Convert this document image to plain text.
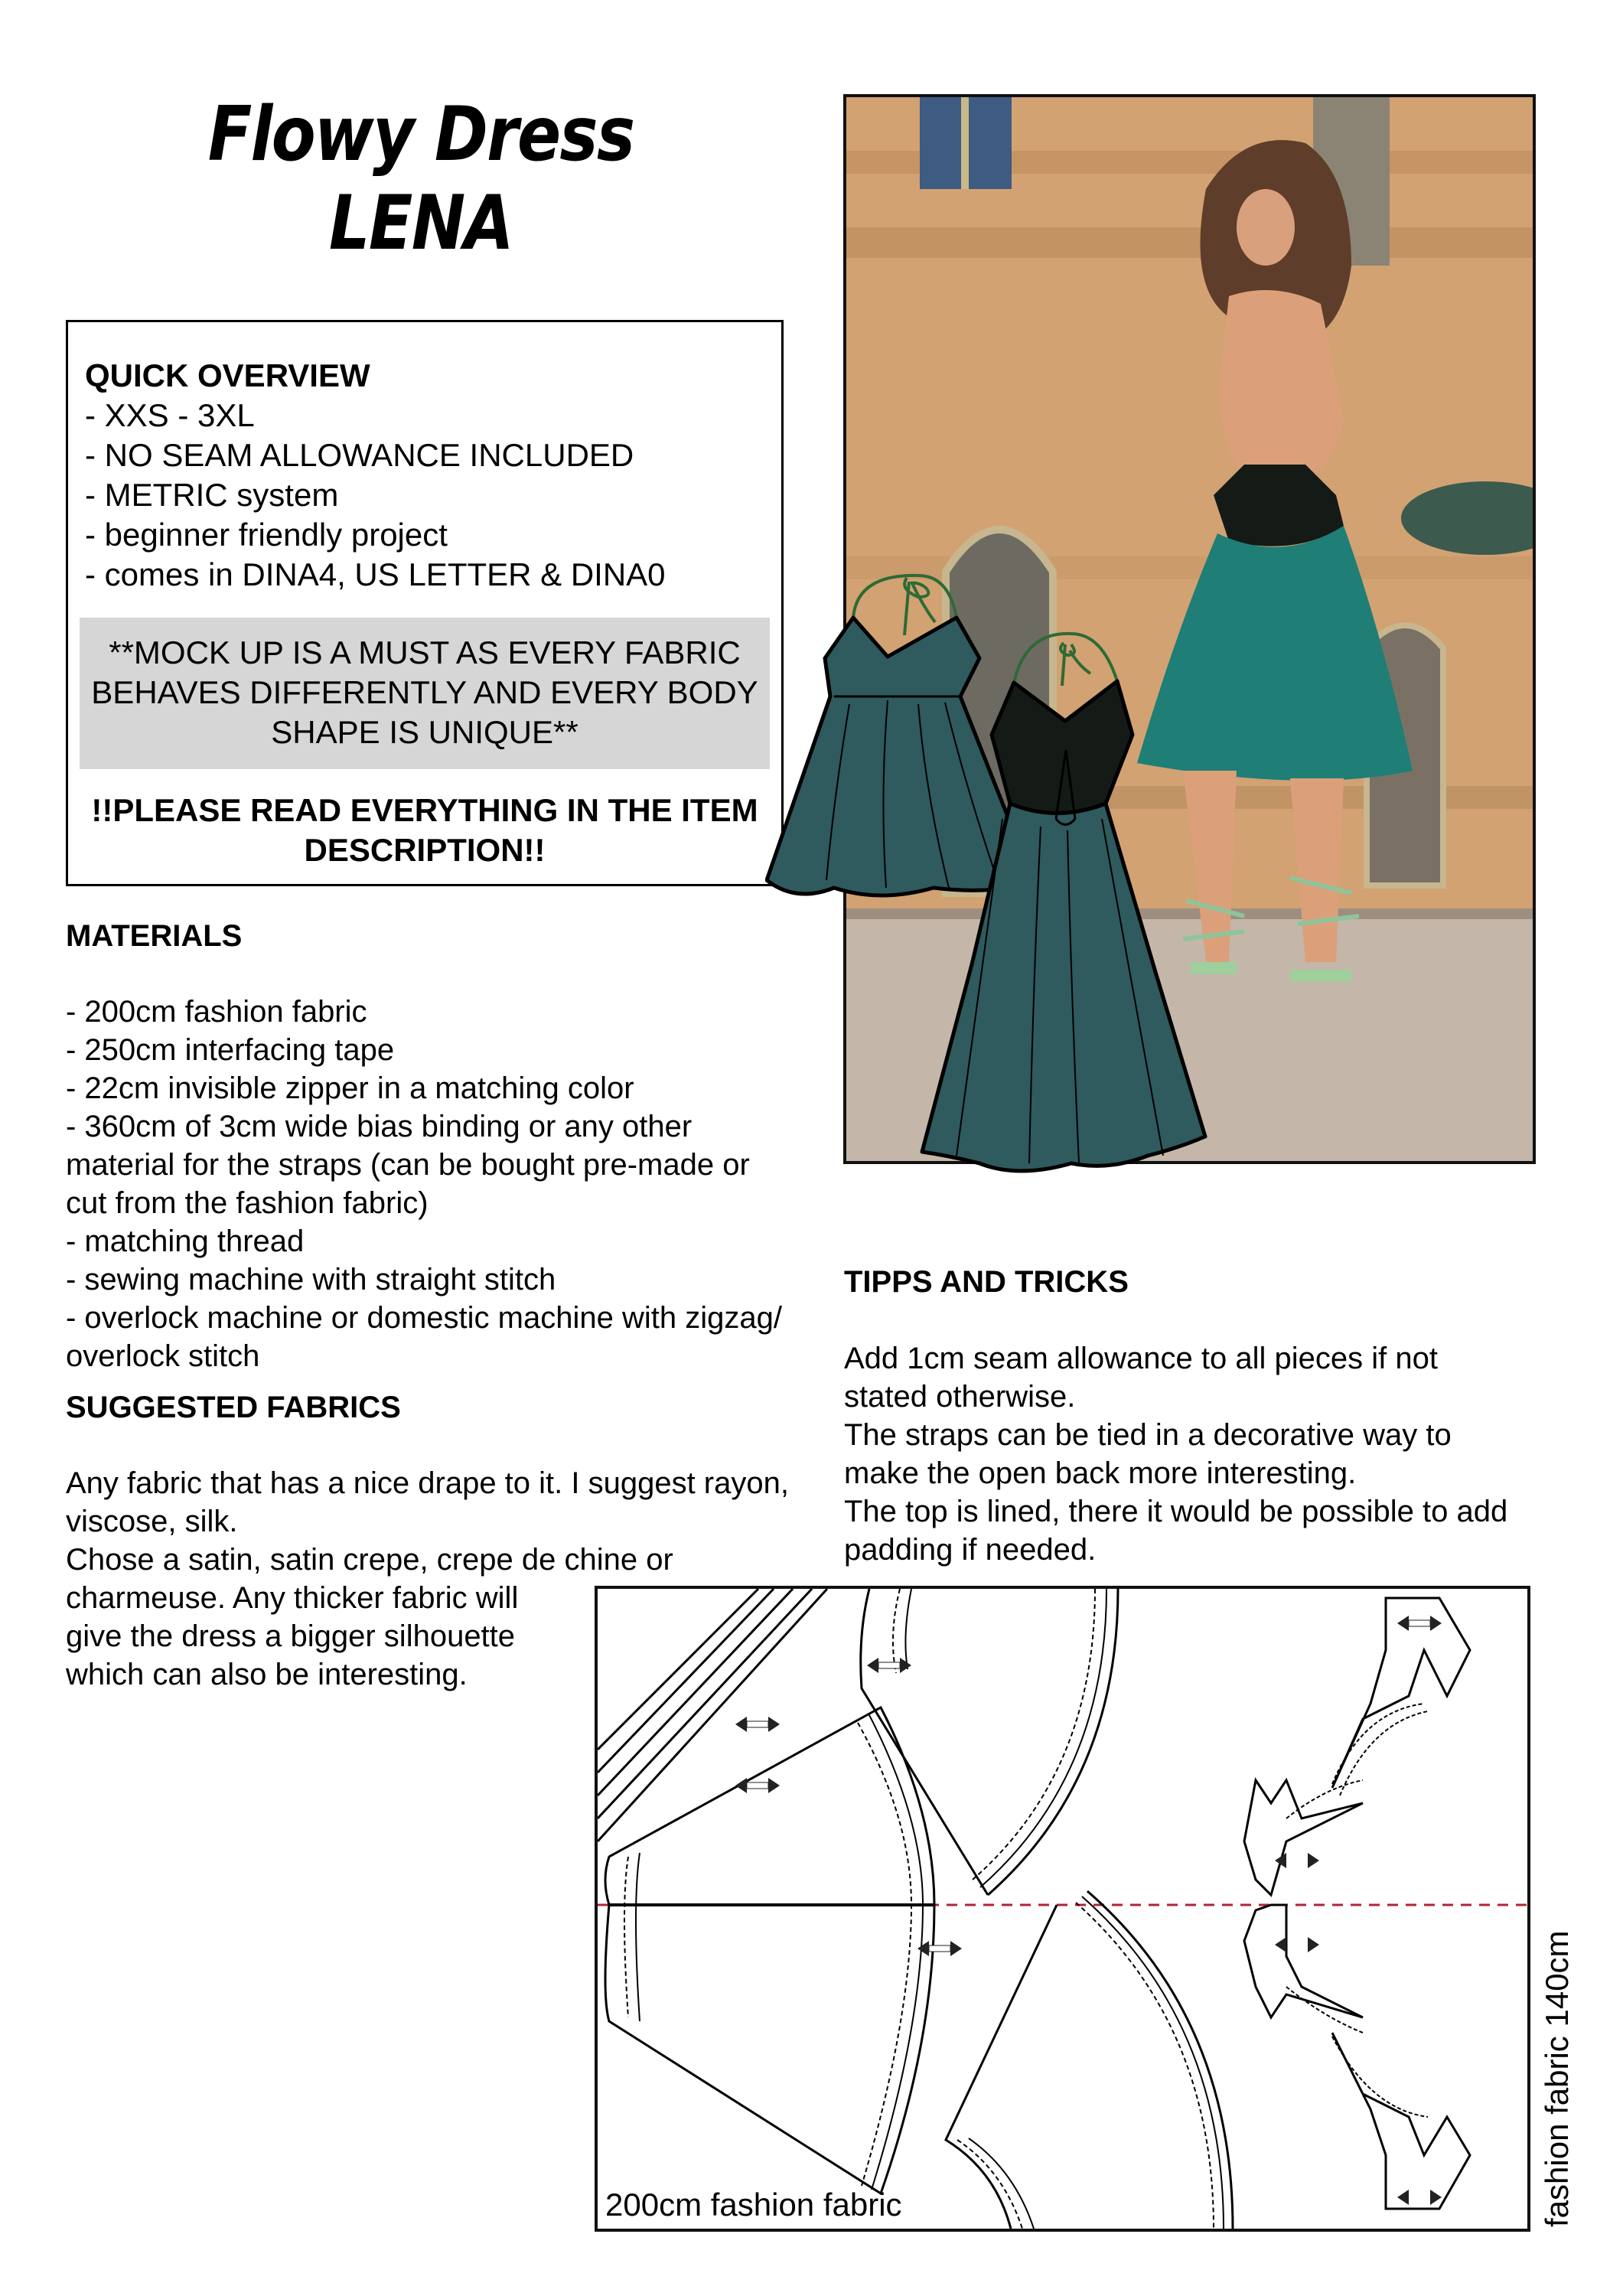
Flowy Dress
LENA
QUICK OVERVIEW
- XXS - 3XL
- NO SEAM ALLOWANCE INCLUDED
- METRIC system
- beginner friendly project
- comes in DINA4, US LETTER & DINA0
**MOCK UP IS A MUST AS EVERY FABRIC
BEHAVES DIFFERENTLY AND EVERY BODY
SHAPE IS UNIQUE**
!!PLEASE READ EVERYTHING IN THE ITEM
DESCRIPTION!!
MATERIALS
- 200cm fashion fabric
- 250cm interfacing tape
- 22cm invisible zipper in a matching color
- 360cm of 3cm wide bias binding or any other
material for the straps (can be bought pre-made or
cut from the fashion fabric)
- matching thread
- sewing machine with straight stitch
- overlock machine or domestic machine with zigzag/
overlock stitch
SUGGESTED FABRICS
Any fabric that has a nice drape to it. I suggest rayon,
viscose, silk.
Chose a satin, satin crepe, crepe de chine or
charmeuse. Any thicker fabric will
give the dress a bigger silhouette
which can also be interesting.
TIPPS AND TRICKS
Add 1cm seam allowance to all pieces if not
stated otherwise.
The straps can be tied in a decorative way to
make the open back more interesting.
The top is lined, there it would be possible to add
padding if needed.
200cm fashion fabric	fashion fabric 140cm
